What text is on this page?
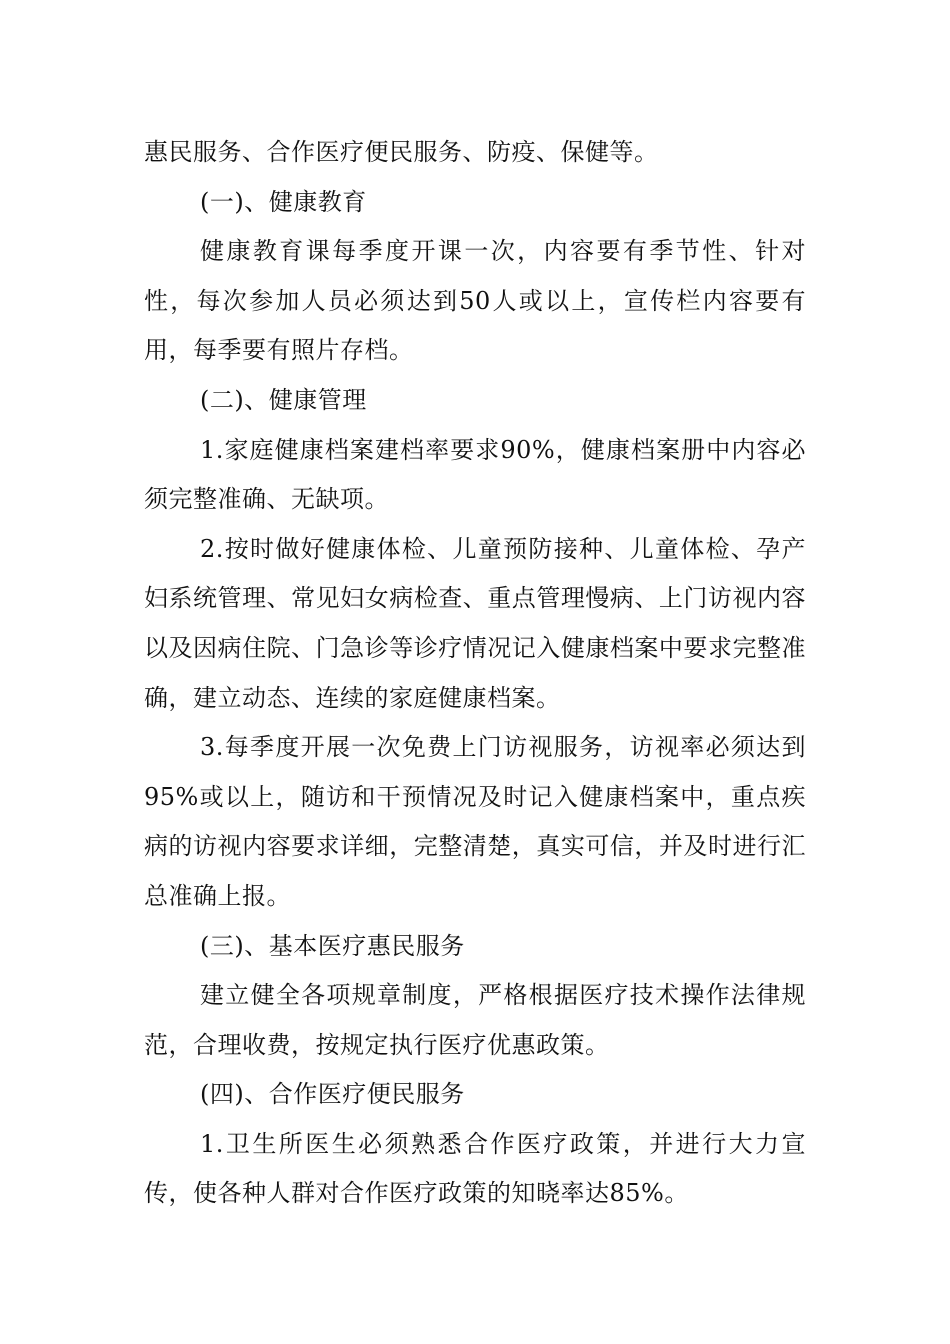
惠民服务、合作医疗便民服务、防疫、保健等。

(一)、健康教育

健康教育课每季度开课一次，内容要有季节性、针对性，每次参加人员必须达到50人或以上，宣传栏内容要有用，每季要有照片存档。

(二)、健康管理

1.家庭健康档案建档率要求90%，健康档案册中内容必须完整准确、无缺项。

2.按时做好健康体检、儿童预防接种、儿童体检、孕产妇系统管理、常见妇女病检查、重点管理慢病、上门访视内容以及因病住院、门急诊等诊疗情况记入健康档案中要求完整准确，建立动态、连续的家庭健康档案。

3.每季度开展一次免费上门访视服务，访视率必须达到95%或以上，随访和干预情况及时记入健康档案中，重点疾病的访视内容要求详细，完整清楚，真实可信，并及时进行汇总准确上报。

(三)、基本医疗惠民服务

建立健全各项规章制度，严格根据医疗技术操作法律规范，合理收费，按规定执行医疗优惠政策。

(四)、合作医疗便民服务

1.卫生所医生必须熟悉合作医疗政策，并进行大力宣传，使各种人群对合作医疗政策的知晓率达85%。
